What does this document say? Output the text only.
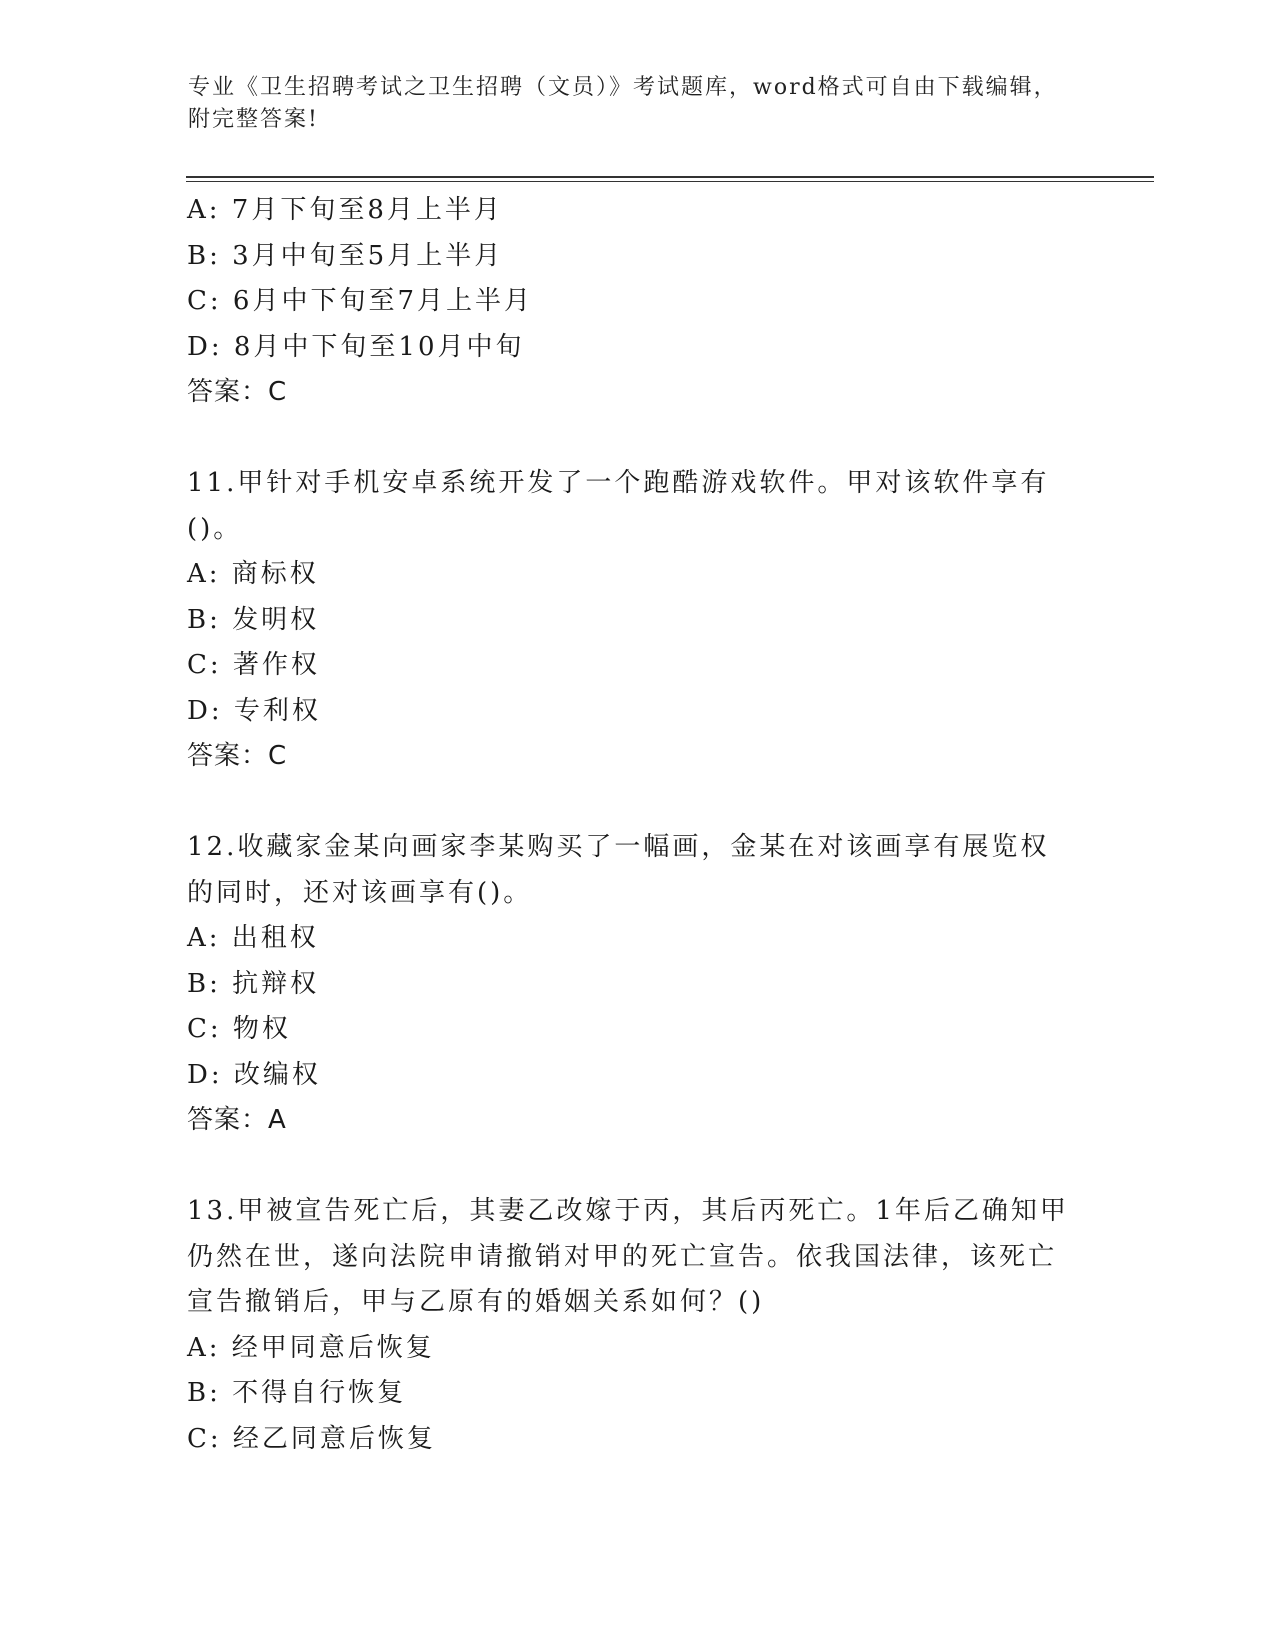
专业《卫生招聘考试之卫生招聘（文员）》考试题库，word格式可自由下载编辑，附完整答案!
A: 7月下旬至8月上半月
B: 3月中旬至5月上半月
C: 6月中下旬至7月上半月
D: 8月中下旬至10月中旬
答案：C
11.甲针对手机安卓系统开发了一个跑酷游戏软件。甲对该软件享有()。
A: 商标权
B: 发明权
C: 著作权
D: 专利权
答案：C
12.收藏家金某向画家李某购买了一幅画，金某在对该画享有展览权的同时，还对该画享有()。
A: 出租权
B: 抗辩权
C: 物权
D: 改编权
答案：A
13.甲被宣告死亡后，其妻乙改嫁于丙，其后丙死亡。1年后乙确知甲仍然在世，遂向法院申请撤销对甲的死亡宣告。依我国法律，该死亡宣告撤销后，甲与乙原有的婚姻关系如何？()
A: 经甲同意后恢复
B: 不得自行恢复
C: 经乙同意后恢复
